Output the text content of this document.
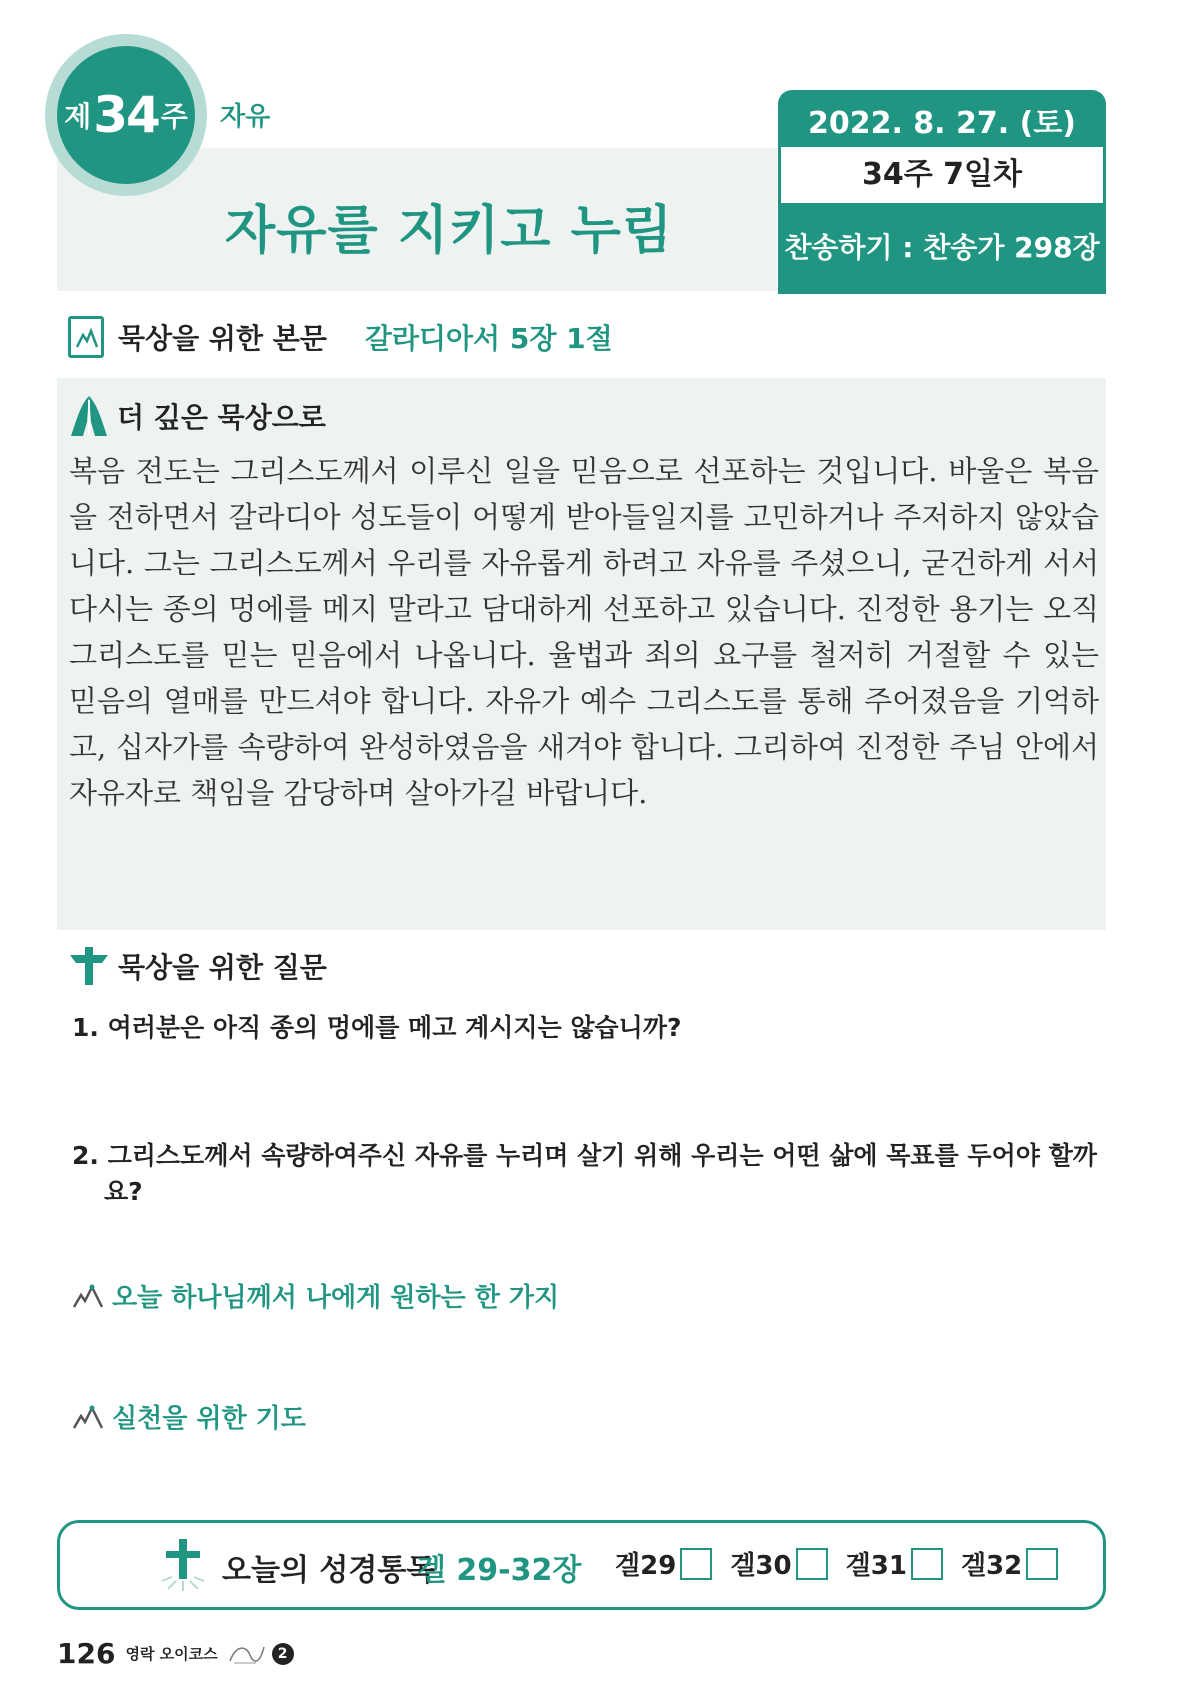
제 34 주 자유
자유를 지키고 누림
2022. 8. 27. (토)
34주 7일차
찬송하기 : 찬송가 298장
묵상을 위한 본문 갈라디아서 5장 1절
더 깊은 묵상으로
복음 전도는 그리스도께서 이루신 일을 믿음으로 선포하는 것입니다. 바울은 복음을 전하면서 갈라디아 성도들이 어떻게 받아들일지를 고민하거나 주저하지 않았습니다. 그는 그리스도께서 우리를 자유롭게 하려고 자유를 주셨으니, 굳건하게 서서 다시는 종의 멍에를 메지 말라고 담대하게 선포하고 있습니다. 진정한 용기는 오직 그리스도를 믿는 믿음에서 나옵니다. 율법과 죄의 요구를 철저히 거절할 수 있는 믿음의 열매를 만드셔야 합니다. 자유가 예수 그리스도를 통해 주어졌음을 기억하고, 십자가를 속량하여 완성하였음을 새겨야 합니다. 그리하여 진정한 주님 안에서 자유자로 책임을 감당하며 살아가길 바랍니다.
묵상을 위한 질문
1. 여러분은 아직 종의 멍에를 메고 계시지는 않습니까?
2. 그리스도께서 속량하여주신 자유를 누리며 살기 위해 우리는 어떤 삶에 목표를 두어야 할까요?
오늘 하나님께서 나에게 원하는 한 가지
실천을 위한 기도
오늘의 성경통독
겔 29-32장 겔29 겔30 겔31 겔32
126 영락 오이코스	2
